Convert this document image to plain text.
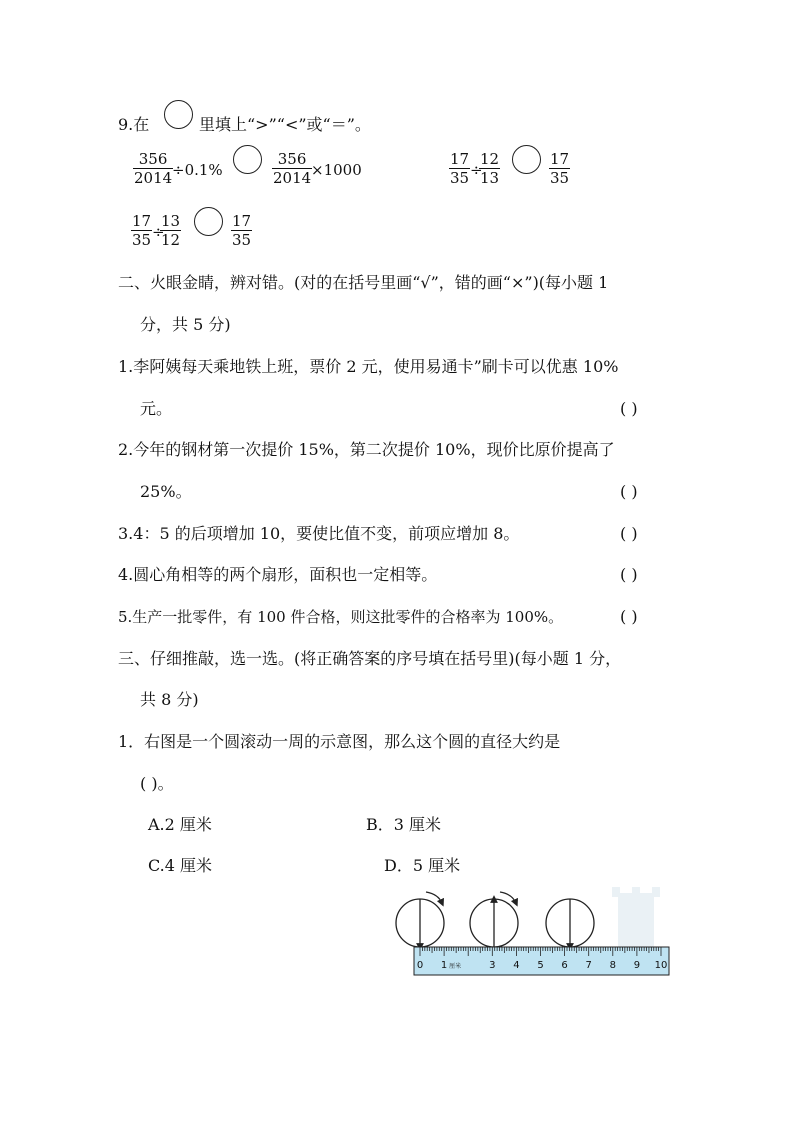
9.在	里填上“>”“<”或“＝”。
$\frac{356}{2014}$
÷0.1%	$\frac{356}{2014}$
×1000	$\frac{17}{35}$ ÷
$\frac{12}{13}$	$\frac{17}{35}$
$\frac{17}{35}$ ÷
$\frac{13}{12}$	$\frac{17}{35}$
二、火眼金睛，辨对错。(对的在括号里画“√”，错的画“×”)(每小题 1
分，共 5 分)
1.李阿姨每天乘地铁上班，票价 2 元，使用易通卡”刷卡可以优惠 10%
元。	( )
2.今年的钢材第一次提价 15%，第二次提价 10%，现价比原价提高了
25%。	( )
3.4：5 的后项增加 10，要使比值不变，前项应增加 8。	( )
4.圆心角相等的两个扇形，面积也一定相等。	( )
5.生产一批零件，有 100 件合格，则这批零件的合格率为 100%。	( )
三、仔细推敲，选一选。(将正确答案的序号填在括号里)(每小题 1 分，
共 8 分)
1．右图是一个圆滚动一周的示意图，那么这个圆的直径大约是
( )。
A.2 厘米	B．3 厘米
C.4 厘米	D．5 厘米
0 1 厘米	3 4 5 6 7 8 9 10
